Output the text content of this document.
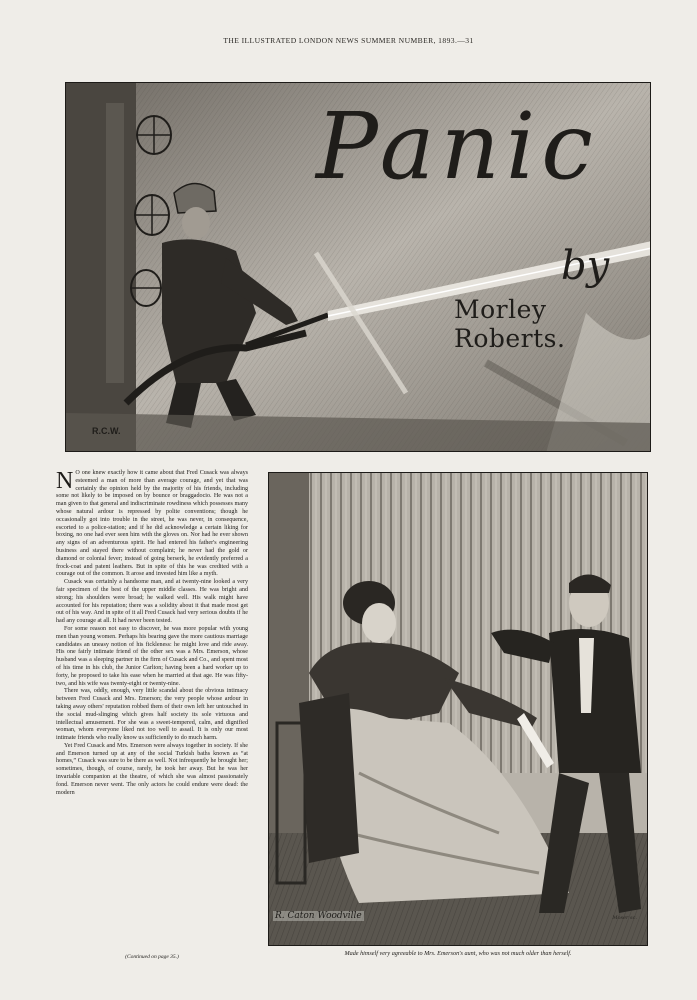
THE ILLUSTRATED LONDON NEWS SUMMER NUMBER, 1893.—31
Panic
by
Morley Roberts.
R.C.W.

N O one knew exactly how it came about that Fred Cusack was always esteemed a man of more than average courage, and yet that was certainly the opinion held by the majority of his friends, including some not likely to be imposed on by bounce or braggadocio. He was not a man given to that general and indiscriminate rowdiness which possesses many whose natural ardour is repressed by polite conventions; though he occasionally got into trouble in the street, he was never, in consequence, escorted to a police-station; and if he did acknowledge a certain liking for boxing, no one had ever seen him with the gloves on. Nor had he ever shown any signs of an adventurous spirit. He had entered his father's engineering business and stayed there without complaint; he never had the gold or diamond or colonial fever; instead of going berserk, he evidently preferred a frock-coat and patent leathers. But in spite of this he was credited with a courage out of the common. It arose and invested him like a myth.

Cusack was certainly a handsome man, and at twenty-nine looked a very fair specimen of the best of the upper middle classes. He was bright and strong; his shoulders were broad; he walked well. His walk might have accounted for his reputation; there was a solidity about it that made most get out of his way. And in spite of it all Fred Cusack had very serious doubts if he had any courage at all. It had never been tested.

For some reason not easy to discover, he was more popular with young men than young women. Perhaps his bearing gave the more cautious marriage candidates an uneasy notion of his fickleness: he might love and ride away. His one fairly intimate friend of the other sex was a Mrs. Emerson, whose husband was a sleeping partner in the firm of Cusack and Co., and spent most of his time in his club, the Junior Carlton; having been a hard worker up to forty, he proposed to take his ease when he married at that age. He was fifty-two, and his wife was twenty-eight or twenty-nine.

There was, oddly, enough, very little scandal about the obvious intimacy between Fred Cusack and Mrs. Emerson; the very people whose ardour in taking away others' reputation robbed them of their own left her untouched in the social mud-slinging which gives half society its sole virtuous and intellectual amusement. For she was a sweet-tempered, calm, and dignified woman, whom everyone liked not too well to assail. It is only our most intimate friends who really know us sufficiently to do much harm.

Yet Fred Cusack and Mrs. Emerson were always together in society. If she and Emerson turned up at any of the social Turkish baths known as “at homes,” Cusack was sure to be there as well. Not infrequently he brought her; sometimes, though, of course, rarely, he took her away. But he was her invariable companion at the theatre, of which she was almost passionately fond. Emerson never went. The only actors he could endure were dead: the modern

(Continued on page 35.)
R. Caton Woodville	Moser sc.
Made himself very agreeable to Mrs. Emerson's aunt, who was not much older than herself.
